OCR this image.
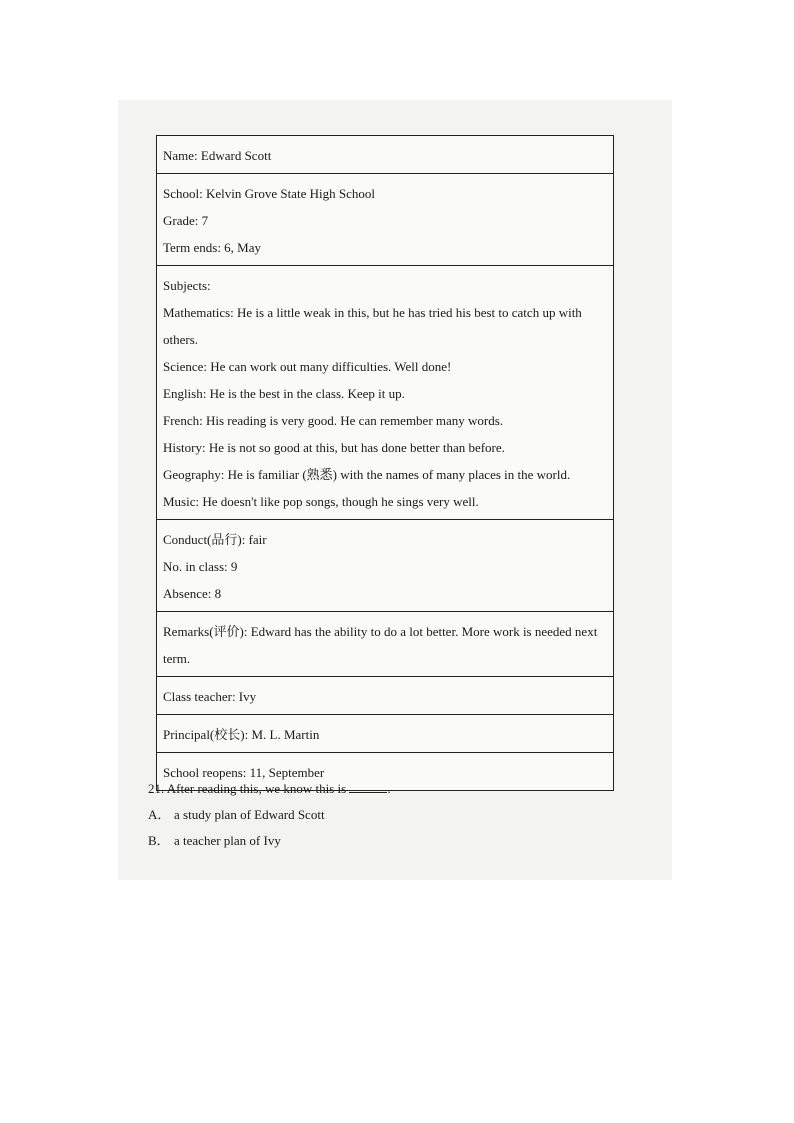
Name: Edward Scott
School: Kelvin Grove State High School
Grade: 7
Term ends: 6, May
Subjects:
Mathematics: He is a little weak in this, but he has tried his best to catch up with
others.
Science: He can work out many difficulties. Well done!
English: He is the best in the class. Keep it up.
French: His reading is very good. He can remember many words.
History: He is not so good at this, but has done better than before.
Geography: He is familiar (熟悉) with the names of many places in the world.
Music: He doesn't like pop songs, though he sings very well.
Conduct(品行): fair
No. in class: 9
Absence: 8
Remarks(评价): Edward has the ability to do a lot better. More work is needed next
term.
Class teacher: Ivy
Principal(校长): M. L. Martin
School reopens: 11, September
21. After reading this, we know this is	.
A． a study plan of Edward Scott
B． a teacher plan of Ivy
